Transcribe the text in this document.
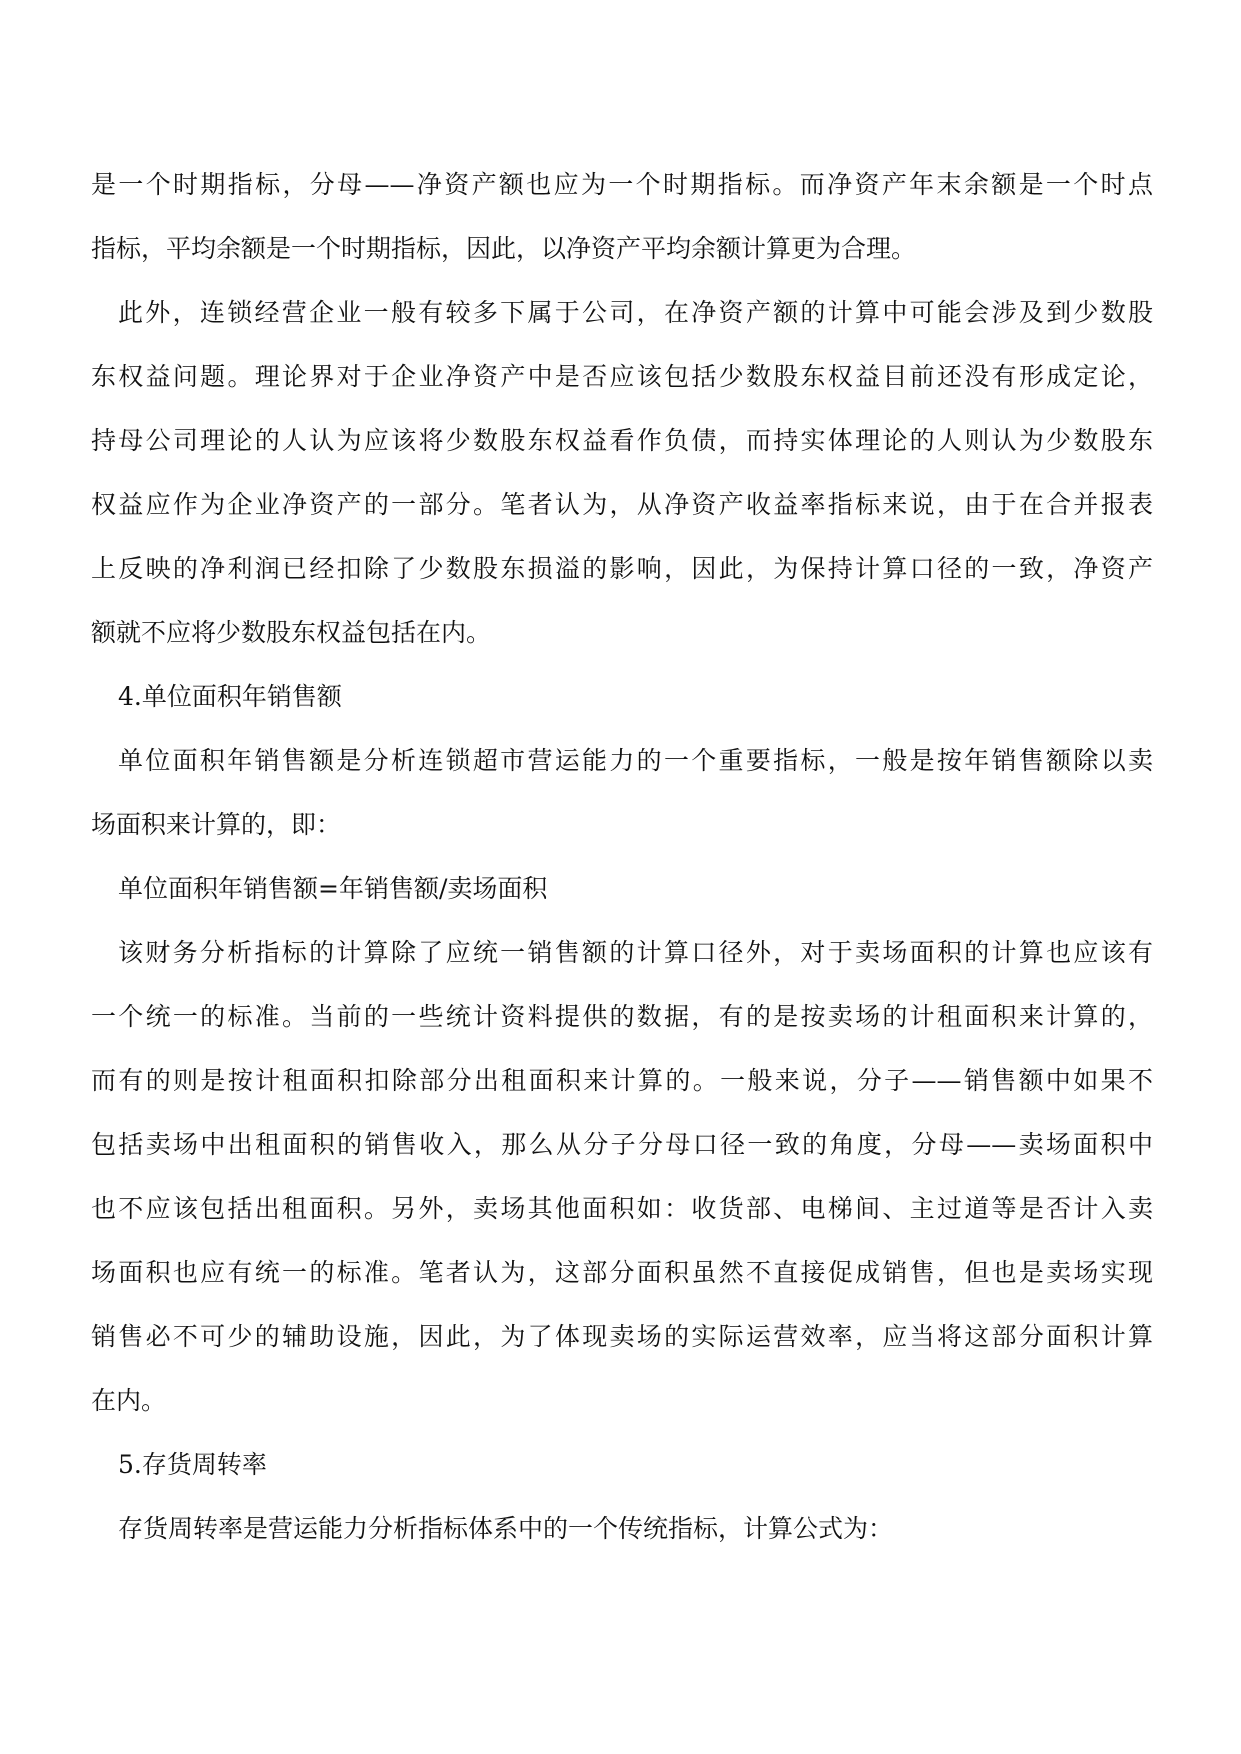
是一个时期指标，分母——净资产额也应为一个时期指标。而净资产年末余额是一个时点

指标，平均余额是一个时期指标，因此，以净资产平均余额计算更为合理。

此外，连锁经营企业一般有较多下属于公司，在净资产额的计算中可能会涉及到少数股

东权益问题。理论界对于企业净资产中是否应该包括少数股东权益目前还没有形成定论，

持母公司理论的人认为应该将少数股东权益看作负债，而持实体理论的人则认为少数股东

权益应作为企业净资产的一部分。笔者认为，从净资产收益率指标来说，由于在合并报表

上反映的净利润已经扣除了少数股东损溢的影响，因此，为保持计算口径的一致，净资产

额就不应将少数股东权益包括在内。

4.单位面积年销售额

单位面积年销售额是分析连锁超市营运能力的一个重要指标，一般是按年销售额除以卖

场面积来计算的，即：

单位面积年销售额=年销售额/卖场面积

该财务分析指标的计算除了应统一销售额的计算口径外，对于卖场面积的计算也应该有

一个统一的标准。当前的一些统计资料提供的数据，有的是按卖场的计租面积来计算的，

而有的则是按计租面积扣除部分出租面积来计算的。一般来说，分子——销售额中如果不

包括卖场中出租面积的销售收入，那么从分子分母口径一致的角度，分母——卖场面积中

也不应该包括出租面积。另外，卖场其他面积如：收货部、电梯间、主过道等是否计入卖

场面积也应有统一的标准。笔者认为，这部分面积虽然不直接促成销售，但也是卖场实现

销售必不可少的辅助设施，因此，为了体现卖场的实际运营效率，应当将这部分面积计算

在内。

5.存货周转率

存货周转率是营运能力分析指标体系中的一个传统指标，计算公式为：
